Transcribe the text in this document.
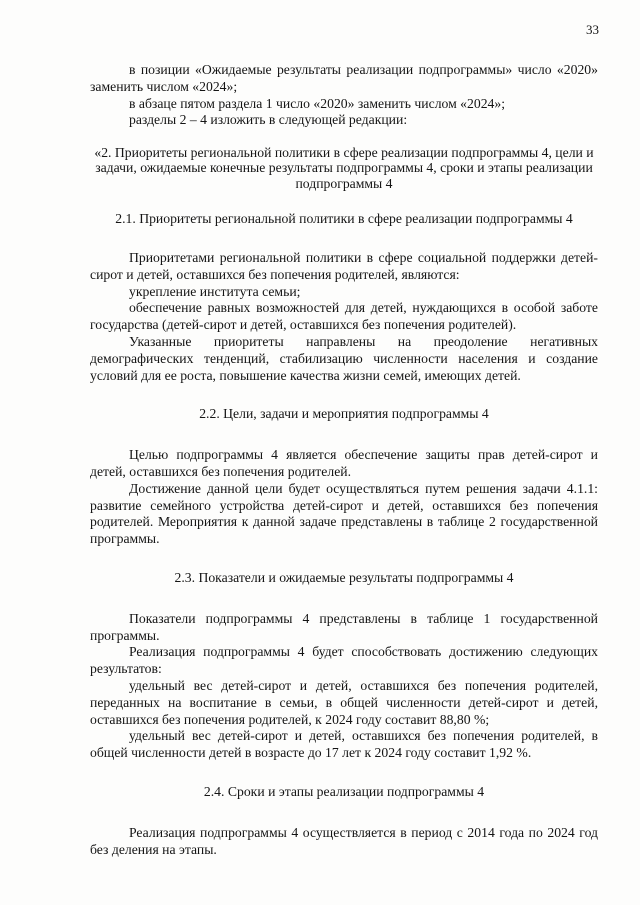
33

в позиции «Ожидаемые результаты реализации подпрограммы» число «2020» заменить числом «2024»;

в абзаце пятом раздела 1 число «2020» заменить числом «2024»;

разделы 2 – 4 изложить в следующей редакции:

«2. Приоритеты региональной политики в сфере реализации подпрограммы 4, цели и задачи, ожидаемые конечные результаты подпрограммы 4, сроки и этапы реализации подпрограммы 4

2.1. Приоритеты региональной политики в сфере реализации подпрограммы 4

Приоритетами региональной политики в сфере социальной поддержки детей-сирот и детей, оставшихся без попечения родителей, являются:

укрепление института семьи;

обеспечение равных возможностей для детей, нуждающихся в особой заботе государства (детей-сирот и детей, оставшихся без попечения родителей).

Указанные приоритеты направлены на преодоление негативных демографических тенденций, стабилизацию численности населения и создание условий для ее роста, повышение качества жизни семей, имеющих детей.

2.2. Цели, задачи и мероприятия подпрограммы 4

Целью подпрограммы 4 является обеспечение защиты прав детей-сирот и детей, оставшихся без попечения родителей.

Достижение данной цели будет осуществляться путем решения задачи 4.1.1: развитие семейного устройства детей-сирот и детей, оставшихся без попечения родителей. Мероприятия к данной задаче представлены в таблице 2 государственной программы.

2.3. Показатели и ожидаемые результаты подпрограммы 4

Показатели подпрограммы 4 представлены в таблице 1 государственной программы.

Реализация подпрограммы 4 будет способствовать достижению следующих результатов:

удельный вес детей-сирот и детей, оставшихся без попечения родителей, переданных на воспитание в семьи, в общей численности детей-сирот и детей, оставшихся без попечения родителей, к 2024 году составит 88,80 %;

удельный вес детей-сирот и детей, оставшихся без попечения родителей, в общей численности детей в возрасте до 17 лет к 2024 году составит 1,92 %.

2.4. Сроки и этапы реализации подпрограммы 4

Реализация подпрограммы 4 осуществляется в период с 2014 года по 2024 год без деления на этапы.
